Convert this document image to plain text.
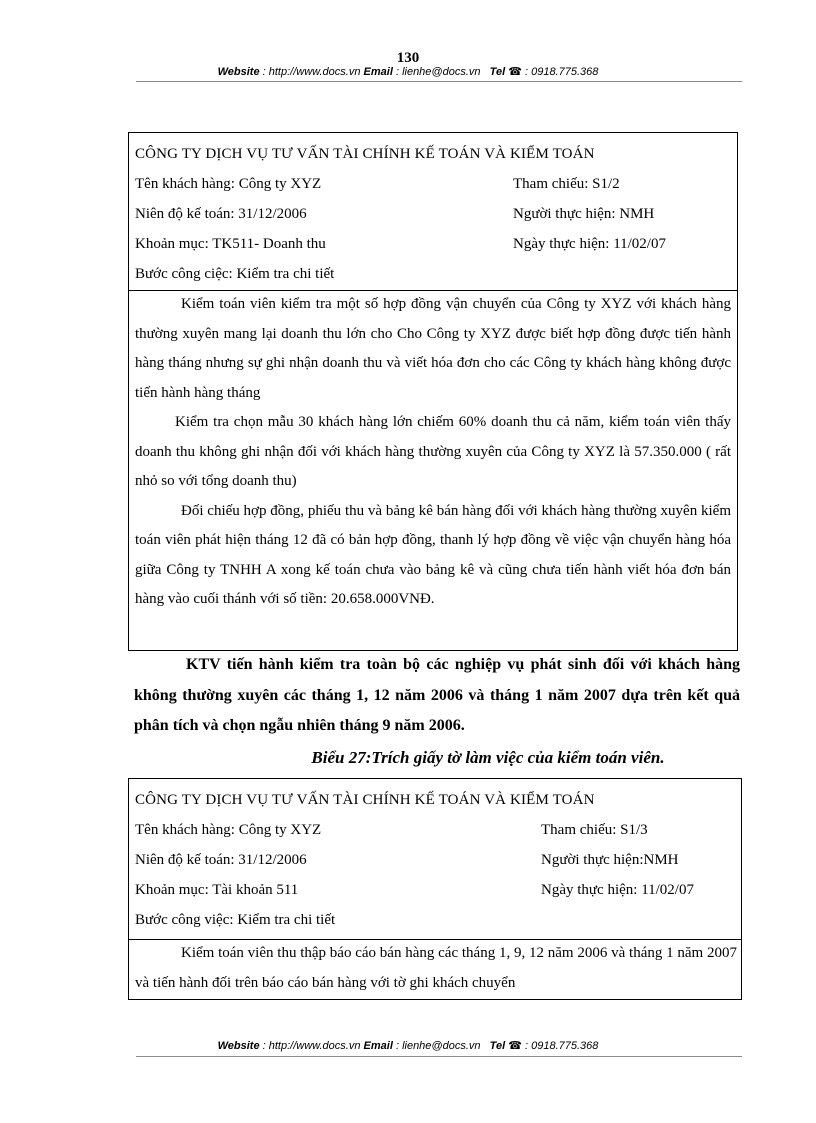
130
Website : http://www.docs.vn Email : lienhe@docs.vn Tel ☎ : 0918.775.368
CÔNG TY DỊCH VỤ TƯ VẤN TÀI CHÍNH KẾ TOÁN VÀ KIỂM TOÁN
Tên khách hàng: Công ty XYZ	Tham chiếu: S1/2
Niên độ kế toán: 31/12/2006	Người thực hiện: NMH
Khoản mục: TK511- Doanh thu	Ngày thực hiện: 11/02/07
Bước công ciệc: Kiểm tra chi tiết

Kiểm toán viên kiểm tra một số hợp đồng vận chuyển của Công ty XYZ với khách hàng thường xuyên mang lại doanh thu lớn cho Cho Công ty XYZ được biết hợp đồng được tiến hành hàng tháng nhưng sự ghi nhận doanh thu và viết hóa đơn cho các Công ty khách hàng không được tiến hành hàng tháng

Kiểm tra chọn mẫu 30 khách hàng lớn chiếm 60% doanh thu cả năm, kiểm toán viên thấy doanh thu không ghi nhận đối với khách hàng thường xuyên của Công ty XYZ là 57.350.000 ( rất nhỏ so với tổng doanh thu)

Đối chiếu hợp đồng, phiếu thu và bảng kê bán hàng đối với khách hàng thường xuyên kiểm toán viên phát hiện tháng 12 đã có bản hợp đồng, thanh lý hợp đồng về việc vận chuyển hàng hóa giữa Công ty TNHH A xong kế toán chưa vào bảng kê và cũng chưa tiến hành viết hóa đơn bán hàng vào cuối thánh với số tiền: 20.658.000VNĐ.

KTV tiến hành kiểm tra toàn bộ các nghiệp vụ phát sinh đối với khách hàng không thường xuyên các tháng 1, 12 năm 2006 và tháng 1 năm 2007 dựa trên kết quả phân tích và chọn ngẫu nhiên tháng 9 năm 2006.

Biểu 27:Trích giấy tờ làm việc của kiểm toán viên.
CÔNG TY DỊCH VỤ TƯ VẤN TÀI CHÍNH KẾ TOÁN VÀ KIỂM TOÁN
Tên khách hàng: Công ty XYZ	Tham chiếu: S1/3
Niên độ kế toán: 31/12/2006	Người thực hiện:NMH
Khoản mục: Tài khoản 511	Ngày thực hiện: 11/02/07
Bước công việc: Kiểm tra chi tiết

Kiểm toán viên thu thập báo cáo bán hàng các tháng 1, 9, 12 năm 2006 và tháng 1 năm 2007 và tiến hành đối trên báo cáo bán hàng với tờ ghi khách chuyển

Website : http://www.docs.vn Email : lienhe@docs.vn Tel ☎ : 0918.775.368
